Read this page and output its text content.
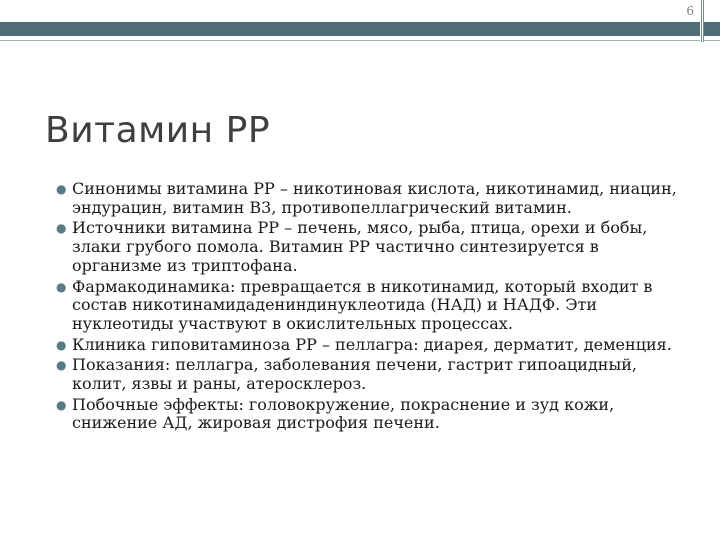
6
Витамин PP
● Синонимы витамина PP – никотиновая кислота, никотинамид, ниацин, эндурацин, витамин B3, противопеллагрический витамин.
● Источники витамина PP – печень, мясо, рыба, птица, орехи и бобы, злаки грубого помола. Витамин PP частично синтезируется в организме из триптофана.
● Фармакодинамика: превращается в никотинамид, который входит в состав никотинамидадениндинуклеотида (НАД) и НАДФ. Эти нуклеотиды участвуют в окислительных процессах.
● Клиника гиповитаминоза PP – пеллагра: диарея, дерматит, деменция.
● Показания: пеллагра, заболевания печени, гастрит гипоацидный, колит, язвы и раны, атеросклероз.
● Побочные эффекты: головокружение, покраснение и зуд кожи, снижение АД, жировая дистрофия печени.
